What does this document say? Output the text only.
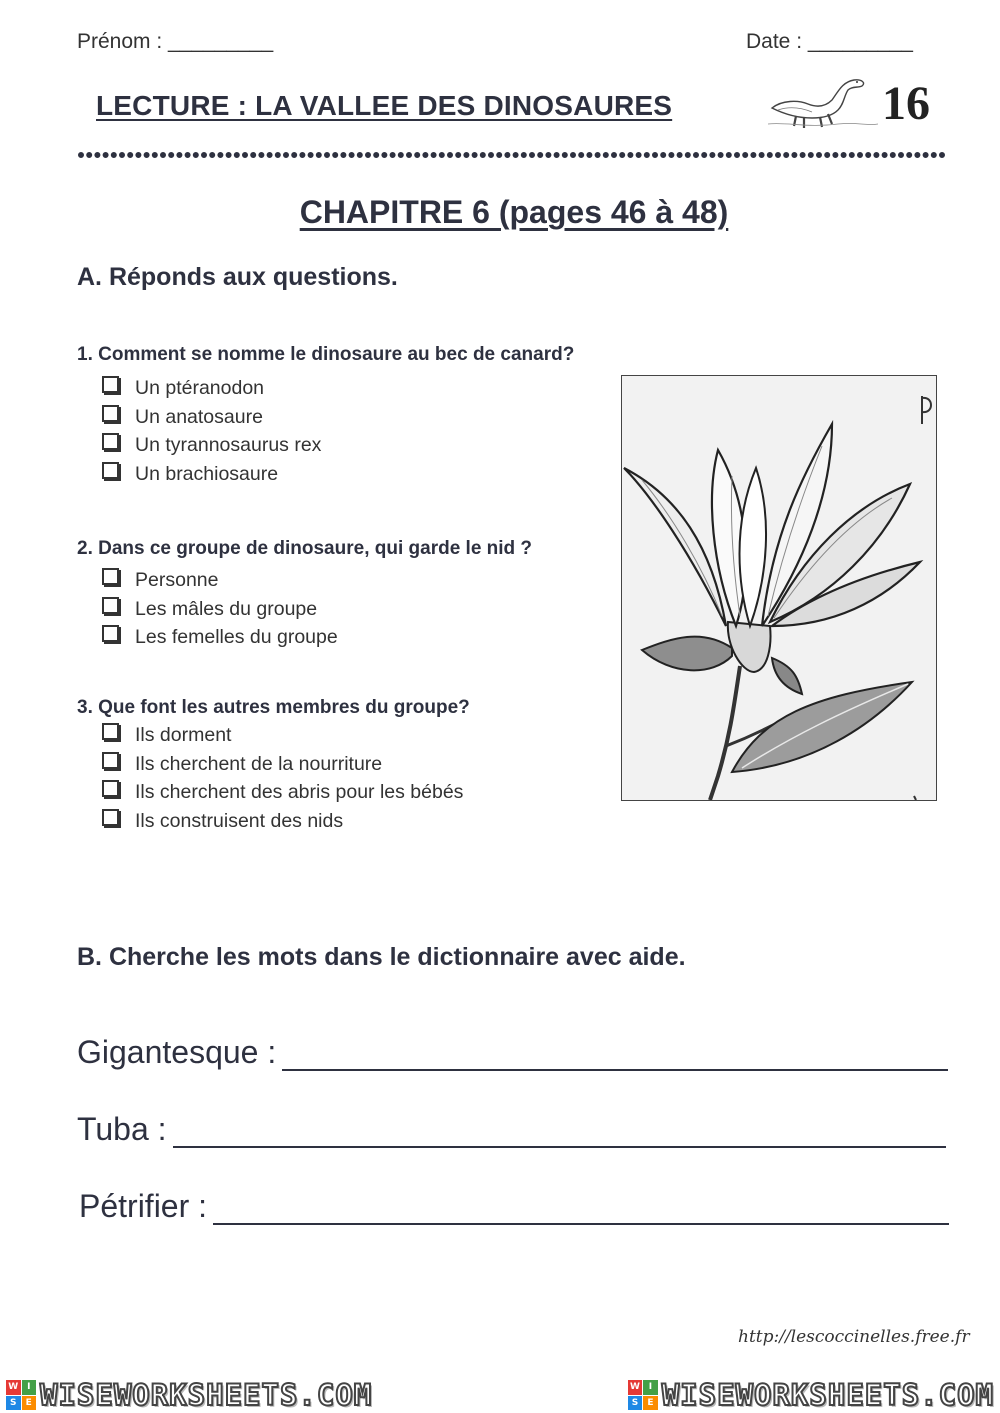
Prénom : _________	Date : _________
LECTURE : LA VALLEE DES DINOSAURES	16
CHAPITRE 6 (pages 46 à 48)
A. Réponds aux questions.
1. Comment se nomme le dinosaure au bec de canard?
Un ptéranodon
Un anatosaure
Un tyrannosaurus rex
Un brachiosaure
2. Dans ce groupe de dinosaure, qui garde le nid ?
Personne
Les mâles du groupe
Les femelles du groupe
3. Que font les autres membres du groupe?
Ils dorment
Ils cherchent de la nourriture
Ils cherchent des abris pour les bébés
Ils construisent des nids
B. Cherche les mots dans le dictionnaire avec aide.
Gigantesque :
Tuba :
Pétrifier :
http://lescoccinelles.free.fr
W I
S	E WISEWORKSHEETS.COM	W I
S	E WISEWORKSHEETS.COM
